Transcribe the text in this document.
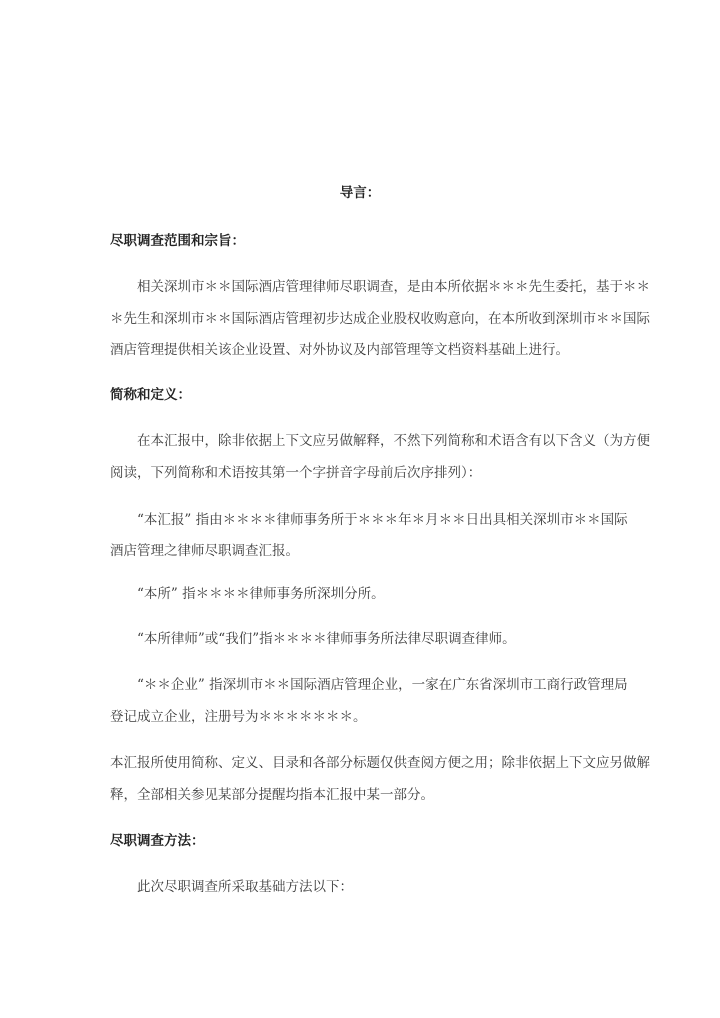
导言：
尽职调查范围和宗旨：
相关深圳市＊＊国际酒店管理律师尽职调查，是由本所依据＊＊＊先生委托，基于＊＊
＊先生和深圳市＊＊国际酒店管理初步达成企业股权收购意向，在本所收到深圳市＊＊国际
酒店管理提供相关该企业设置、对外协议及内部管理等文档资料基础上进行。
简称和定义：
在本汇报中，除非依据上下文应另做解释，不然下列简称和术语含有以下含义（为方便
阅读，下列简称和术语按其第一个字拼音字母前后次序排列）：
“本汇报” 指由＊＊＊＊律师事务所于＊＊＊年＊月＊＊日出具相关深圳市＊＊国际
酒店管理之律师尽职调查汇报。
“本所” 指＊＊＊＊律师事务所深圳分所。
“本所律师”或“我们”指＊＊＊＊律师事务所法律尽职调查律师。
“＊＊企业” 指深圳市＊＊国际酒店管理企业，一家在广东省深圳市工商行政管理局
登记成立企业，注册号为＊＊＊＊＊＊＊。
本汇报所使用简称、定义、目录和各部分标题仅供查阅方便之用；除非依据上下文应另做解
释，全部相关参见某部分提醒均指本汇报中某一部分。
尽职调查方法：
此次尽职调查所采取基础方法以下：
